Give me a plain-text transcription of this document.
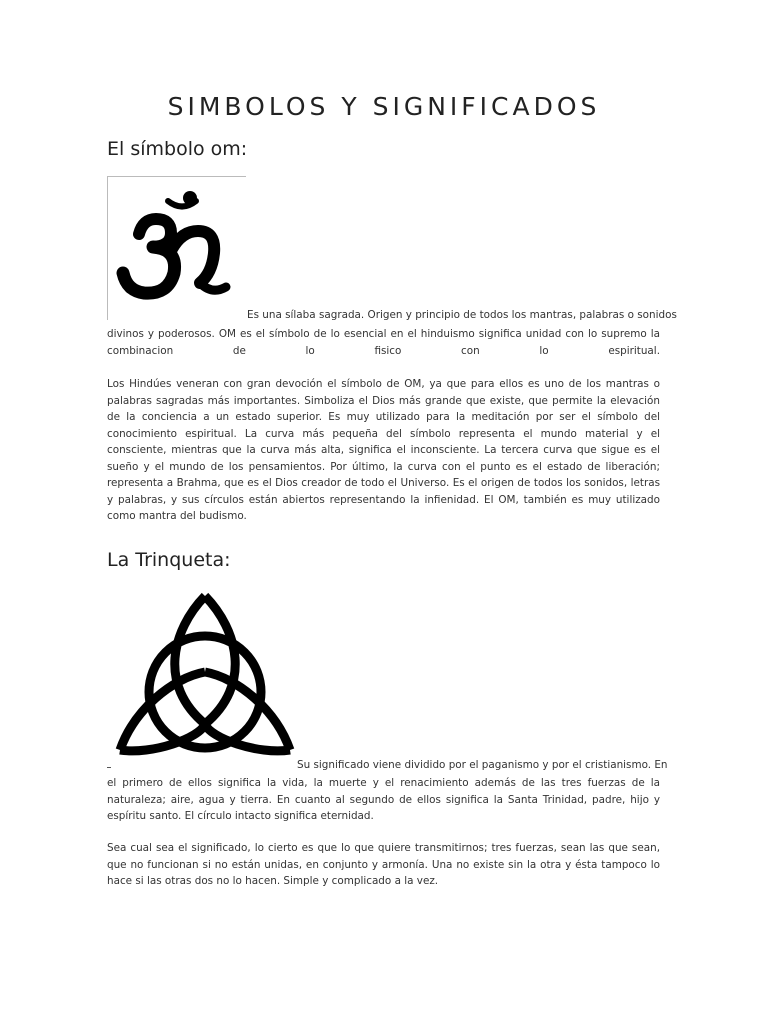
SIMBOLOS Y SIGNIFICADOS
El símbolo om:
Es una sílaba sagrada. Origen y principio de todos los mantras, palabras o sonidos

divinos y poderosos. OM es el símbolo de lo esencial en el hinduismo significa unidad con lo supremo la combinacion de lo fisico con lo espiritual.

Los Hindúes veneran con gran devoción el símbolo de OM, ya que para ellos es uno de los mantras o palabras sagradas más importantes. Simboliza el Dios más grande que existe, que permite la elevación de la conciencia a un estado superior. Es muy utilizado para la meditación por ser el símbolo del conocimiento espiritual. La curva más pequeña del símbolo representa el mundo material y el consciente, mientras que la curva más alta, significa el inconsciente. La tercera curva que sigue es el sueño y el mundo de los pensamientos. Por último, la curva con el punto es el estado de liberación; representa a Brahma, que es el Dios creador de todo el Universo. Es el origen de todos los sonidos, letras y palabras, y sus círculos están abiertos representando la infienidad. El OM, también es muy utilizado como mantra del budismo.

La Trinqueta:
Su significado viene dividido por el paganismo y por el cristianismo. En

el primero de ellos significa la vida, la muerte y el renacimiento además de las tres fuerzas de la naturaleza; aire, agua y tierra. En cuanto al segundo de ellos significa la Santa Trinidad, padre, hijo y espíritu santo. El círculo intacto significa eternidad.

Sea cual sea el significado, lo cierto es que lo que quiere transmitirnos; tres fuerzas, sean las que sean, que no funcionan si no están unidas, en conjunto y armonía. Una no existe sin la otra y ésta tampoco lo hace si las otras dos no lo hacen. Simple y complicado a la vez.
